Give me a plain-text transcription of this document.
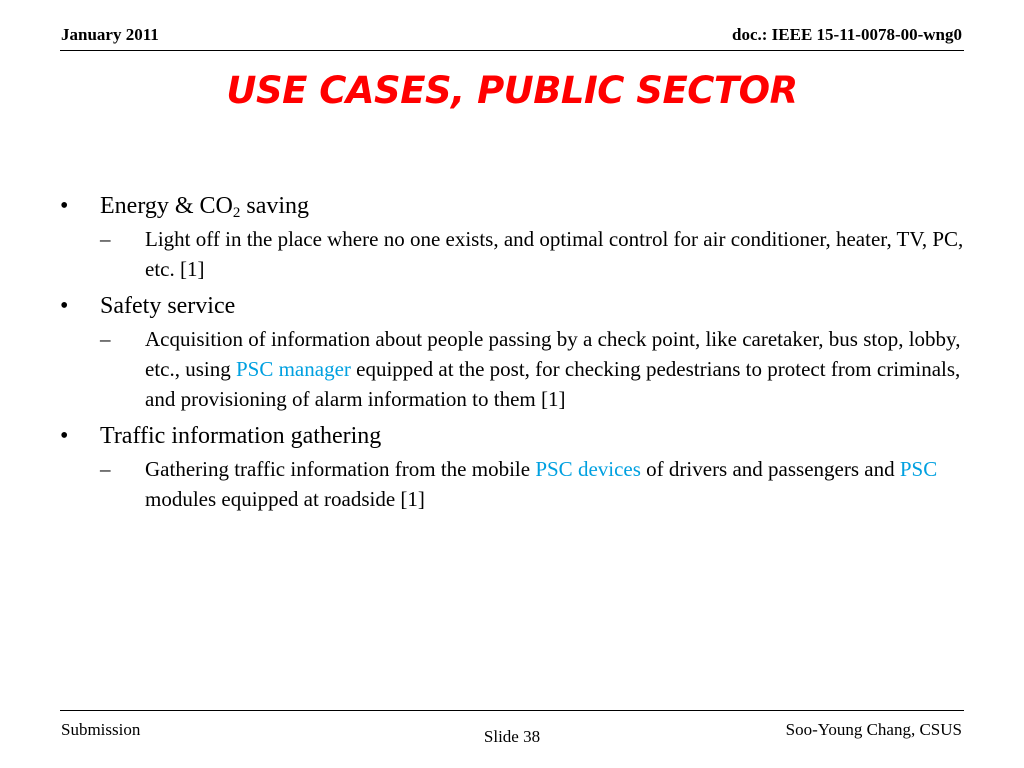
January 2011	doc.: IEEE 15-11-0078-00-wng0
USE CASES, PUBLIC SECTOR
• Energy & $CO_2$ saving
– Light off in the place where no one exists, and optimal control for air conditioner, heater, TV, PC, etc. [1]
• Safety service
– Acquisition of information about people passing by a check point, like caretaker, bus stop, lobby, etc., using PSC manager equipped at the post, for checking pedestrians to protect from criminals, and provisioning of alarm information to them [1]
• Traffic information gathering
– Gathering traffic information from the mobile PSC devices of drivers and passengers and PSC modules equipped at roadside [1]
Submission	Slide 38	Soo-Young Chang, CSUS
